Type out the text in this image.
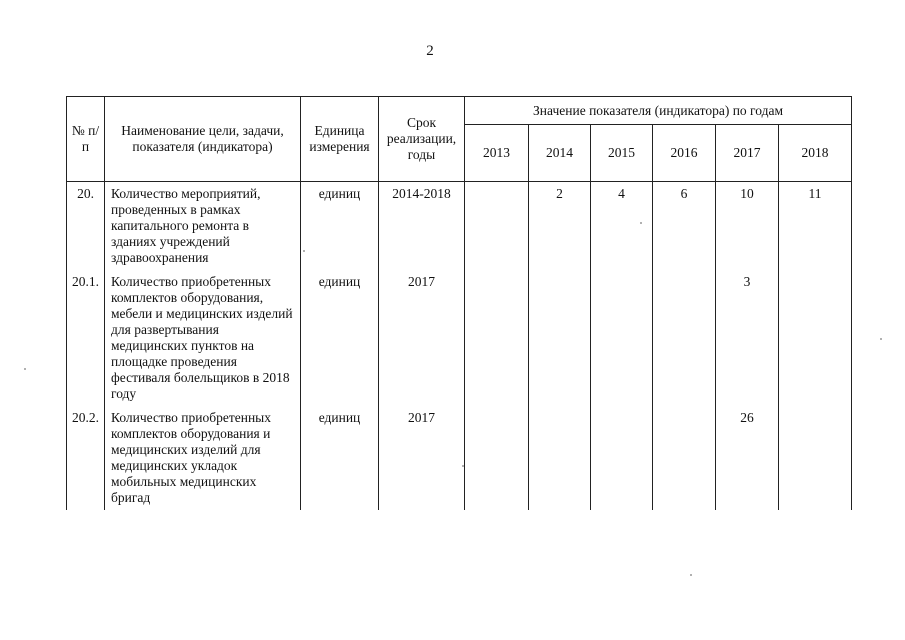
2
№ п/п	Наименование цели, задачи, показателя (индикатора)	Единица измерения	Срок реализации, годы	Значение показателя (индикатора) по годам					
				2013	2014	2015	2016	2017	2018
20.	Количество мероприятий, проведенных в рамках капитального ремонта в зданиях учреждений здравоохранения	единиц	2014-2018		2	4	6	10	11
20.1.	Количество приобретенных комплектов оборудования, мебели и медицинских изделий для развертывания медицинских пунктов на площадке проведения фестиваля болельщиков в 2018 году	единиц	2017					3	
20.2.	Количество приобретенных комплектов оборудования и медицинских изделий для медицинских укладок мобильных медицинских бригад	единиц	2017					26	
